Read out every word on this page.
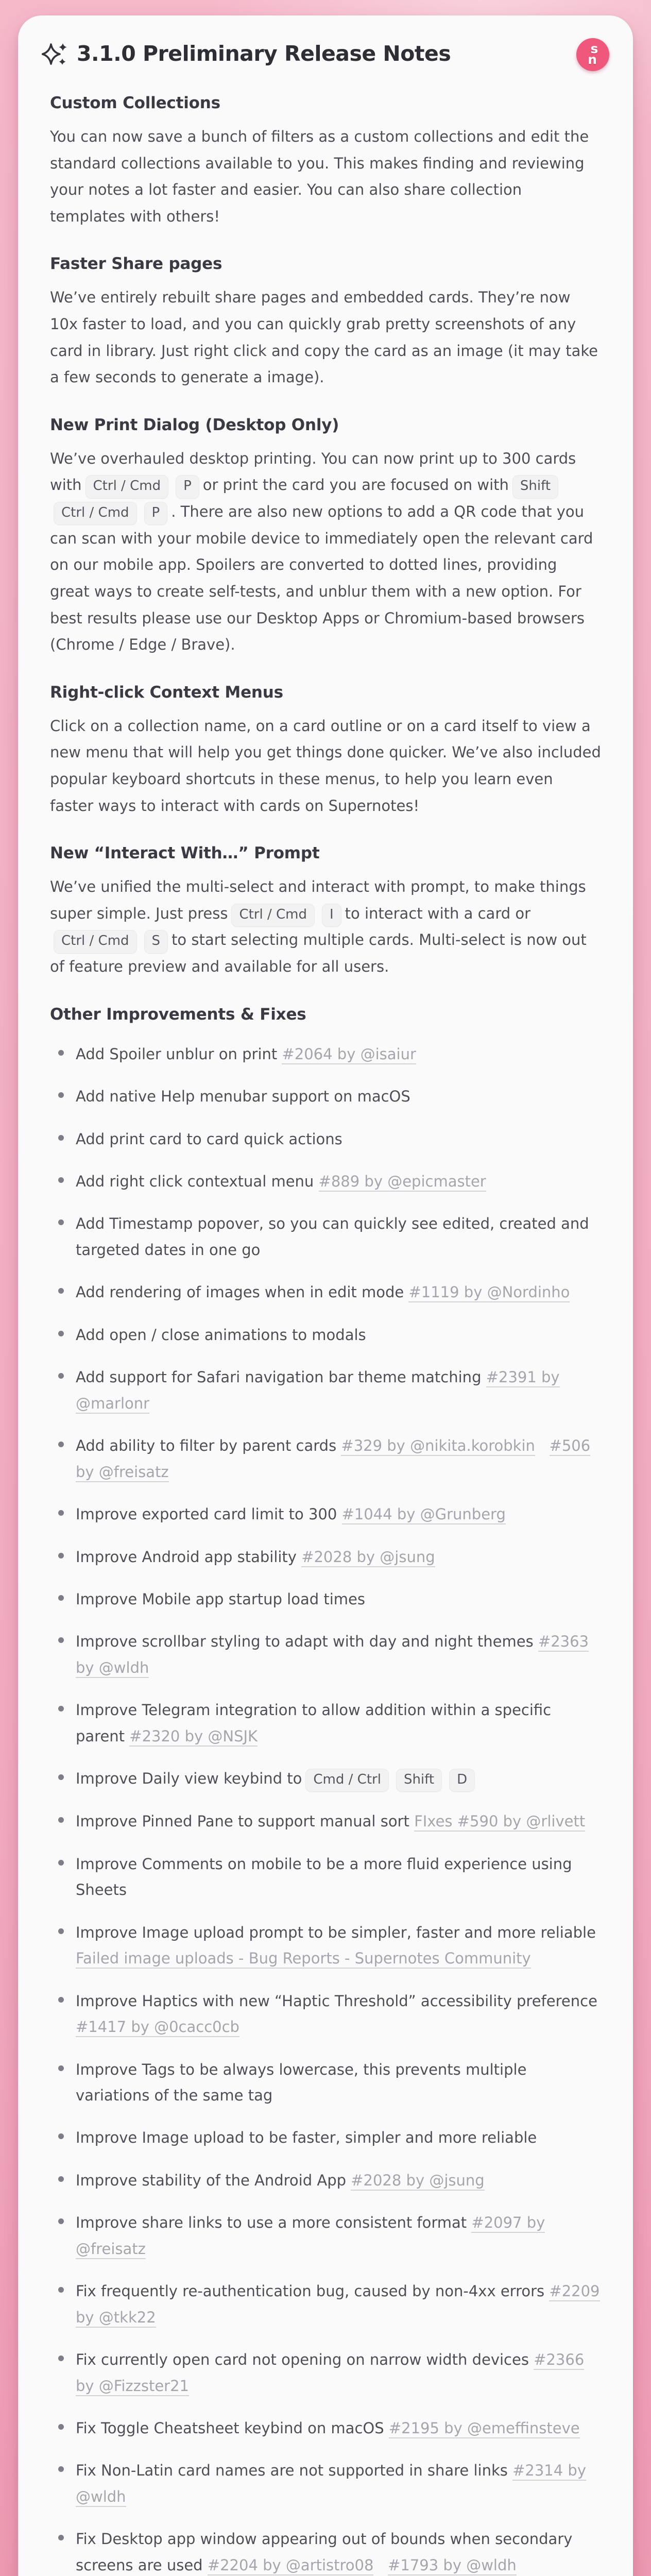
3.1.0 Preliminary Release Notes	s
n
Custom Collections

You can now save a bunch of filters as a custom collections and edit the standard collections available to you. This makes finding and reviewing your notes a lot faster and easier. You can also share collection templates with others!

Faster Share pages

We’ve entirely rebuilt share pages and embedded cards. They’re now 10x faster to load, and you can quickly grab pretty screenshots of any card in library. Just right click and copy the card as an image (it may take a few seconds to generate a image).

New Print Dialog (Desktop Only)

We’ve overhauled desktop printing. You can now print up to 300 cards with Ctrl / Cmd P or print the card you are focused on with ShiftCtrl / Cmd P . There are also new options to add a QR code that you can scan with your mobile device to immediately open the relevant card on our mobile app. Spoilers are converted to dotted lines, providing great ways to create self-tests, and unblur them with a new option. For best results please use our Desktop Apps or Chromium-based browsers (Chrome / Edge / Brave).

Right-click Context Menus

Click on a collection name, on a card outline or on a card itself to view a new menu that will help you get things done quicker. We’ve also included popular keyboard shortcuts in these menus, to help you learn even faster ways to interact with cards on Supernotes!

New “Interact With…” Prompt

We’ve unified the multi-select and interact with prompt, to make things super simple. Just press Ctrl / Cmd I to interact with a card orCtrl / Cmd S to start selecting multiple cards. Multi-select is now out of feature preview and available for all users.

Other Improvements & Fixes
Add Spoiler unblur on print #2064 by @isaiur
Add native Help menubar support on macOS
Add print card to card quick actions
Add right click contextual menu #889 by @epicmaster
Add Timestamp popover, so you can quickly see edited, created and targeted dates in one go
Add rendering of images when in edit mode #1119 by @Nordinho
Add open / close animations to modals
Add support for Safari navigation bar theme matching #2391 by @marlonr
Add ability to filter by parent cards #329 by @nikita.korobkin #506 by @freisatz
Improve exported card limit to 300 #1044 by @Grunberg
Improve Android app stability #2028 by @jsung
Improve Mobile app startup load times
Improve scrollbar styling to adapt with day and night themes #2363 by @wldh
Improve Telegram integration to allow addition within a specific parent #2320 by @NSJK
Improve Daily view keybind to Cmd / Ctrl Shift D
Improve Pinned Pane to support manual sort FIxes #590 by @rlivett
Improve Comments on mobile to be a more fluid experience using Sheets
Improve Image upload prompt to be simpler, faster and more reliable Failed image uploads - Bug Reports - Supernotes Community
Improve Haptics with new “Haptic Threshold” accessibility preference #1417 by @0cacc0cb
Improve Tags to be always lowercase, this prevents multiple variations of the same tag
Improve Image upload to be faster, simpler and more reliable
Improve stability of the Android App #2028 by @jsung
Improve share links to use a more consistent format #2097 by @freisatz
Fix frequently re-authentication bug, caused by non-4xx errors #2209 by @tkk22
Fix currently open card not opening on narrow width devices #2366 by @Fizzster21
Fix Toggle Cheatsheet keybind on macOS #2195 by @emeffinsteve
Fix Non-Latin card names are not supported in share links #2314 by @wldh
Fix Desktop app window appearing out of bounds when secondary screens are used #2204 by @artistro08 #1793 by @wldh
